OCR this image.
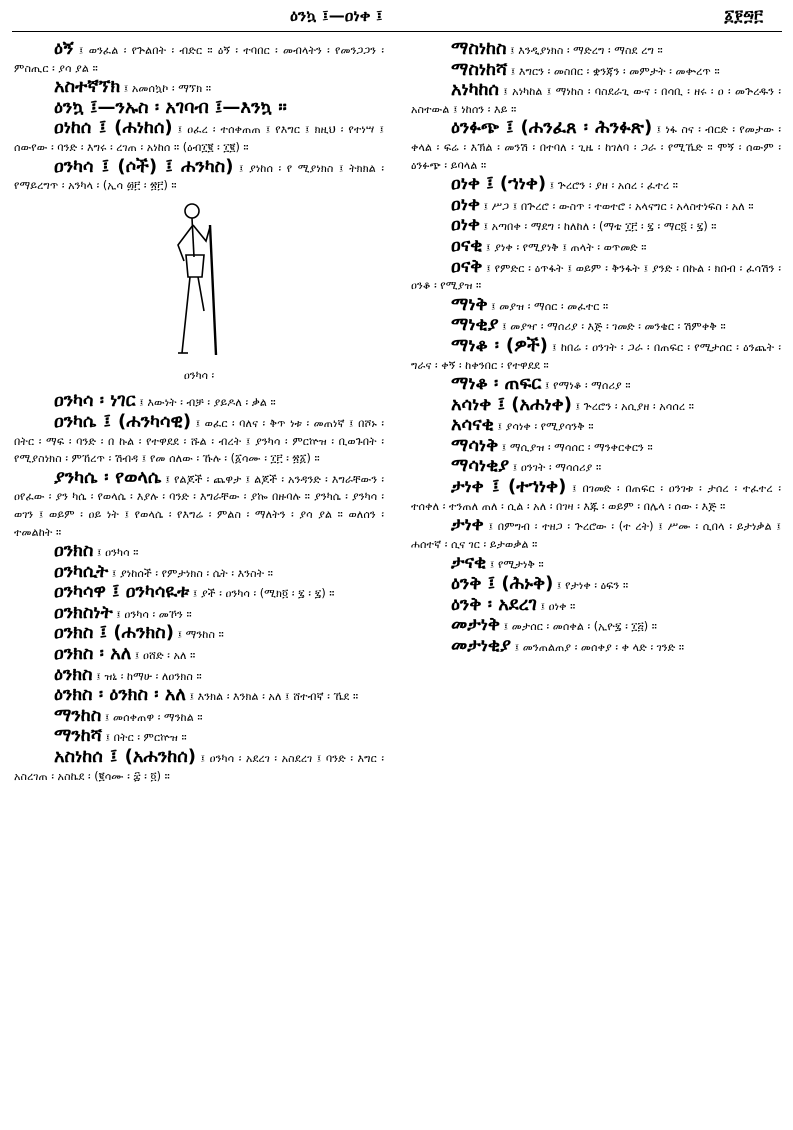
ዕንኳ ፤—ዐነቀ ፤	፩፻፵፫
ዕኝ ፤ ወንፈል ፡ የጕልበት ፡ ብድር ። ዕኝ ፡ ተባበር ፡ መብላትን ፡ የመንጋጋን ፡ ምስጢር ፡ ያሳ ያል ።
አስተኛኘክ ፤ አመሰኳኮ ፡ ማኘክ ።
ዕንኳ ፤—ንኡስ ፡ አገባብ ፤—እንኳ ።
ዐነከሰ ፤ (ሐነከሰ) ፤ ዐፈረ ፡ ተሰቀጠጠ ፤ የእግር ፤ ክዚህ ፡ የተነሣ ፤ ሰውየው ፡ ባንድ ፡ እግሩ ፡ ረገጠ ፡ አነከሰ ። (ዕብ፲፪ ፡ ፲፪) ።
ዐንካሳ ፤ (ሶች) ፤ ሐንካስ) ፤ ያነከሰ ፡ የ ሚያነክስ ፤ ትክክል ፡ የማይረግጥ ፡ አንካላ ፡ (ኢሳ ፴፫ ፡ ፳፫) ።
ዐንካሳ ፡
ዐንካሳ ፡ ነገር ፤ እውነት ፡ ብቻ ፡ ያይዶለ ፡ ቃል ።
ዐንካሴ ፤ (ሐንካሳዊ) ፤ ወፈር ፡ ባለና ፡ ቅጥ ነቱ ፡ መጠነኛ ፤ በሾኑ ፡ በትር ፡ ማፍ ፡ ባንድ ፡ በ ኩል ፡ የተዋደደ ፡ ሹል ፡ ብረት ፤ ያንካሳ ፡ ምርኵዝ ፡ ቢወጉበት ፡ የሚያስነክስ ፡ ምኸረጥ ፡ ሽብዳ ፤ የመ ሰለው ፡ ኹሉ ፡ (፩ሳሙ ፡ ፲፫ ፡ ፳፩) ።
ያንካሴ ፡ የወላሴ ፤ የልጆች ፡ ጨዋታ ፤ ልጆች ፡ አንዳንድ ፡ እግራቸውን ፡ ዐየፈው ፡ ያን ካሴ ፡ የወላሴ ፡ እያሉ ፡ ባንድ ፡ እግራቸው ፡ ያኰ በዙባሉ ። ያንካሴ ፡ ያንካሳ ፡ ወገን ፤ ወይም ፡ ዐይ ነት ፤ የወላሴ ፡ የእግሬ ፡ ምልስ ፡ ማለትን ፡ ያሳ ያል ። ወለሰን ፡ ተመልከት ።
ዐንክስ ፤ ዐንካሳ ።
ዐንካሲት ፤ ያነከሰች ፡ የምታነክስ ፡ ሴት ፡ እንስት ።
ዐንካሳዋ ፤ ዐንካሳዪቱ ፤ ያች ፡ ዐንካሳ ፡ (ሚክ፬ ፡ ፯ ፡ ፯) ።
ዐንክስነት ፤ ዐንካሳ ፡ መኾን ።
ዐንክስ ፤ (ሐንክስ) ፤ ማንከስ ።
ዐንክስ ፡ አለ ፤ ዐሸድ ፡ አለ ።
ዕንክስ ፤ ዝኒ ፡ ከማሁ ፡ ለዐንክስ ።
ዕንክስ ፡ ዕንክስ ፡ አለ ፤ እንክል ፡ እንክል ፡ አለ ፤ ሸተብኛ ፡ ኼደ ።
ማንከስ ፤ መሰቀጠዋ ፡ ማንከል ።
ማንከሻ ፤ በትር ፡ ምርኵዝ ።
አስነከሰ ፤ (አሐንከሰ) ፤ ዐንካሳ ፡ አደረገ ፡ አስደረገ ፤ ባንድ ፡ እግር ፡ አስረገጠ ፡ አስኬደ ፡ (፪ሳሙ ፡ ፰ ፡ ፬) ።
ማስነከስ ፤ እንዲያነክስ ፡ ማድረግ ፡ ማስደ ረግ ።
ማስነከሻ ፤ እግርን ፡ መስበር ፡ ቋንጃን ፡ መምታት ፡ መቍረጥ ።
አነካከሰ ፤ አነካከል ፤ ማነከስ ፡ ባስደራጊ ውና ፡ በሳቢ ፡ ዘሩ ፡ ዐ ፡ መጕረዱን ፡ አስተውል ፤ ነከሰን ፡ እይ ።
ዕንፉጭ ፤ (ሐንፈጸ ፡ ሕንፉጽ) ፤ ነፋ ስና ፡ ብርድ ፡ የመታው ፡ ቀላል ፡ ፍሬ ፡ እኽል ፡ መንሽ ፡ በተባለ ፡ ጊዜ ፡ ከገለባ ፡ ጋራ ፡ የሚኼድ ። ሞኝ ፡ ሰውም ፡ ዕንፉጭ ፡ ይባላል ።
ዐነቀ ፤ (ኀነቀ) ፤ ጕረሮን ፡ ያዘ ፡ አሰረ ፡ ፈተረ ።
ዐነቀ ፤ ሥጋ ፤ በጕረሮ ፡ ውስጥ ፡ ተወተሮ ፡ አላናግር ፡ አላስተነፍስ ፡ አለ ።
ዐነቀ ፤ አጣበቀ ፡ ማደግ ፡ ከለከለ ፡ (ማቴ ፲፫ ፡ ፯ ፡ ማር፬ ፡ ፯) ።
ዐናቂ ፤ ያነቀ ፡ የሚያነቅ ፤ ጠላት ፡ ወጥመድ ።
ዐናቅ ፤ የምድር ፡ ዕጥፋት ፤ ወይም ፡ ቅንፋት ፤ ያንድ ፡ በኩል ፡ ክበብ ፡ ፈሳሽን ፡ ዐንቆ ፡ የሚያዝ ።
ማነቅ ፤ መያዝ ፡ ማሰር ፡ መፈተር ።
ማነቂያ ፤ መያዣ ፡ ማሰሪያ ፡ እጅ ፡ ገመድ ፡ መንቄር ፡ ሽምቀቅ ።
ማነቆ ፡ (ዎች) ፤ ከበሬ ፡ ዐንገት ፡ ጋራ ፡ በጠፍር ፡ የሚታሰር ፡ ዕንጨት ፡ ግራና ፡ ቀኝ ፡ ከቀንበር ፡ የተዋደደ ።
ማነቆ ፡ ጠፍር ፤ የማነቆ ፡ ማሰሪያ ።
አሳነቀ ፤ (አሐነቀ) ፤ ጕረሮን ፡ አሲያዘ ፡ አሳሰረ ።
አሳናቂ ፤ ያሳነቀ ፡ የሚያሳንቅ ።
ማሳነቅ ፤ ማሲያዝ ፡ ማሳሰር ፡ ማንቀርቀርን ።
ማሳነቂያ ፤ ዐንገት ፡ ማሳሰሪያ ።
ታነቀ ፤ (ተኀነቀ) ፤ በገመድ ፡ በጠፍር ፡ ዐንገቱ ፡ ታሰረ ፡ ተፈተረ ፡ ተሰቀለ ፡ ተንጠለ ጠለ ፡ ሲል ፡ አለ ፡ በገዛ ፡ እጁ ፡ ወይም ፡ በሌላ ፡ ሰው ፡ እጅ ።
ታነቀ ፤ በምግብ ፡ ተዘጋ ፡ ጕረሮው ፡ (ተ ረት) ፤ ሥሙ ፡ ሲበላ ፡ ይታነቃል ፤ ሐሰተኛ ፡ ሲና ገር ፡ ይታወቃል ።
ታናቂ ፤ የሚታነቅ ።
ዕንቅ ፤ (ሕኑቅ) ፤ የታነቀ ፡ ዕፍን ።
ዕንቅ ፡ አደረገ ፤ ዐነቀ ።
መታነቅ ፤ መታሰር ፡ መሰቀል ፡ (ኢዮ፯ ፡ ፲፭) ።
መታነቂያ ፤ መንጠልጠያ ፡ መሰቀያ ፡ ቀ ላድ ፡ ገንድ ።
